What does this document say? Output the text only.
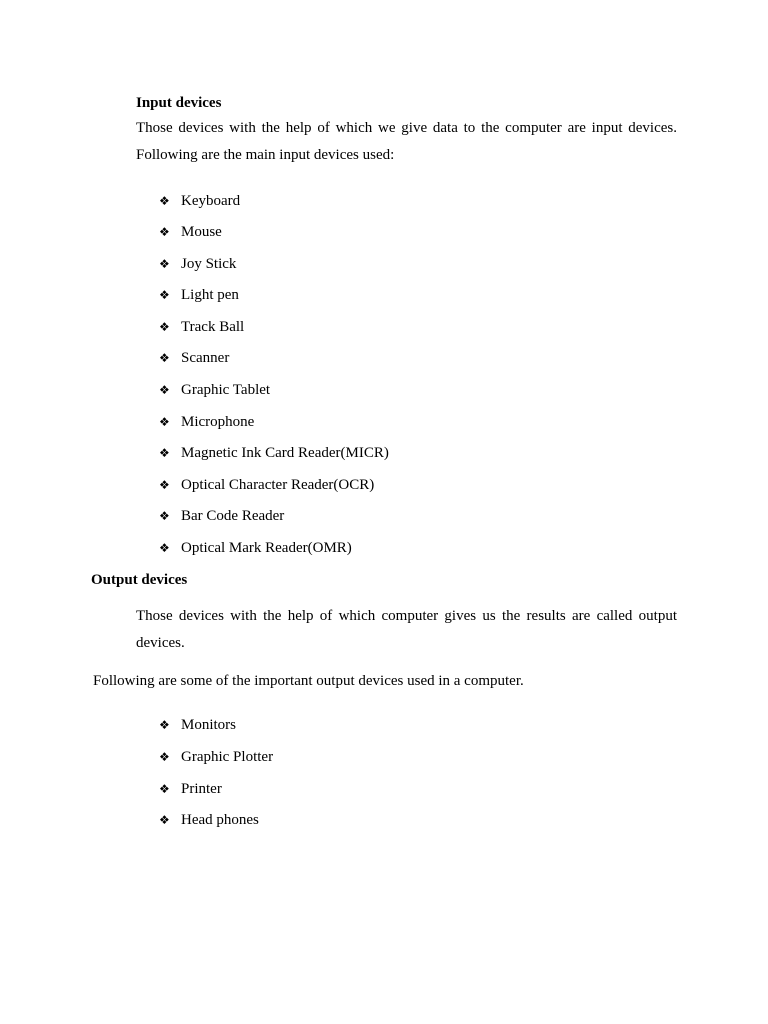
Input devices

Those devices with the help of which we give data to the computer are input devices. Following are the main input devices used:

❖ Keyboard
❖ Mouse
❖ Joy Stick
❖ Light pen
❖ Track Ball
❖ Scanner
❖ Graphic Tablet
❖ Microphone
❖ Magnetic Ink Card Reader(MICR)
❖ Optical Character Reader(OCR)
❖ Bar Code Reader
❖ Optical Mark Reader(OMR)
Output devices

Those devices with the help of which computer gives us the results are called output devices.

Following are some of the important output devices used in a computer.

❖ Monitors
❖ Graphic Plotter
❖ Printer
❖ Head phones
